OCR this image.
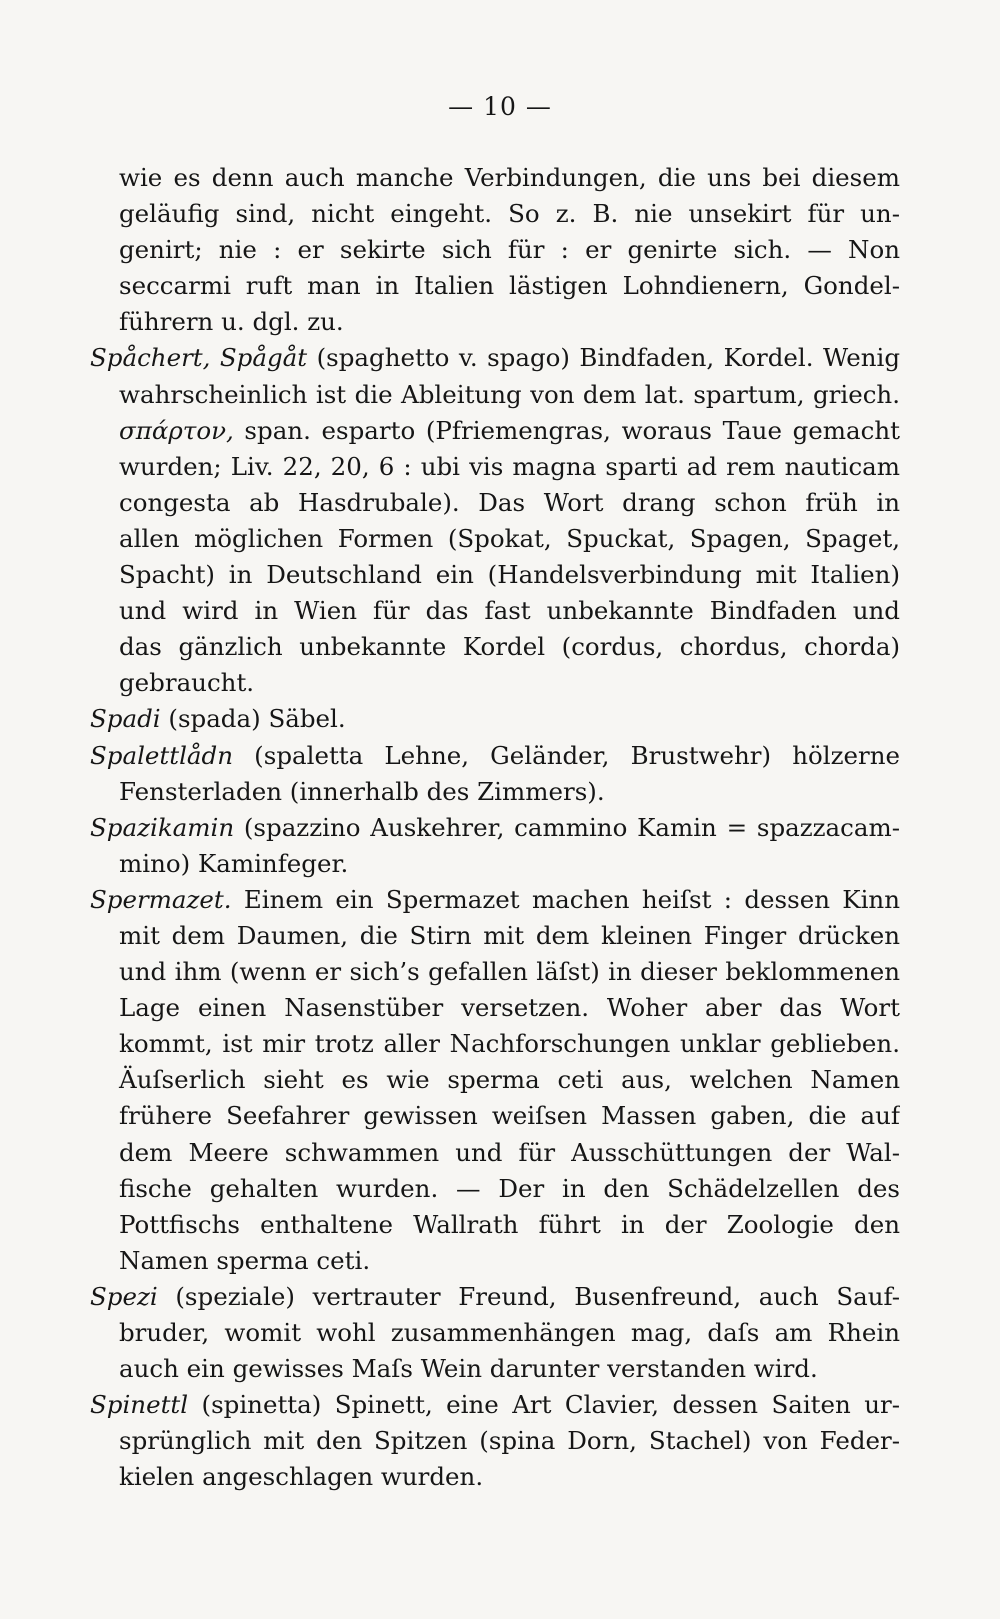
— 10 —
wie es denn auch manche Verbindungen, die uns bei diesem
geläufig sind, nicht eingeht. So z. B. nie unsekirt für un-
genirt; nie : er sekirte sich für : er genirte sich. — Non
seccarmi ruft man in Italien lästigen Lohndienern, Gondel-
führern u. dgl. zu.
Spåchert, Spågåt (spaghetto v. spago) Bindfaden, Kordel. Wenig
wahrscheinlich ist die Ableitung von dem lat. spartum, griech.
σπάρτον, span. esparto (Pfriemengras, woraus Taue gemacht
wurden; Liv. 22, 20, 6 : ubi vis magna sparti ad rem nauticam
congesta ab Hasdrubale). Das Wort drang schon früh in
allen möglichen Formen (Spokat, Spuckat, Spagen, Spaget,
Spacht) in Deutschland ein (Handelsverbindung mit Italien)
und wird in Wien für das fast unbekannte Bindfaden und
das gänzlich unbekannte Kordel (cordus, chordus, chorda)
gebraucht.
Spadi (spada) Säbel.
Spalettlådn (spaletta Lehne, Geländer, Brustwehr) hölzerne
Fensterladen (innerhalb des Zimmers).
Spazikamin (spazzino Auskehrer, cammino Kamin = spazzacam-
mino) Kaminfeger.
Spermazet. Einem ein Spermazet machen heiſst : dessen Kinn
mit dem Daumen, die Stirn mit dem kleinen Finger drücken
und ihm (wenn er sich’s gefallen läſst) in dieser beklommenen
Lage einen Nasenstüber versetzen. Woher aber das Wort
kommt, ist mir trotz aller Nachforschungen unklar geblieben.
Äuſserlich sieht es wie sperma ceti aus, welchen Namen
frühere Seefahrer gewissen weiſsen Massen gaben, die auf
dem Meere schwammen und für Ausschüttungen der Wal-
fische gehalten wurden. — Der in den Schädelzellen des
Pottfischs enthaltene Wallrath führt in der Zoologie den
Namen sperma ceti.
Spezi (speziale) vertrauter Freund, Busenfreund, auch Sauf-
bruder, womit wohl zusammenhängen mag, daſs am Rhein
auch ein gewisses Maſs Wein darunter verstanden wird.
Spinettl (spinetta) Spinett, eine Art Clavier, dessen Saiten ur-
sprünglich mit den Spitzen (spina Dorn, Stachel) von Feder-
kielen angeschlagen wurden.
